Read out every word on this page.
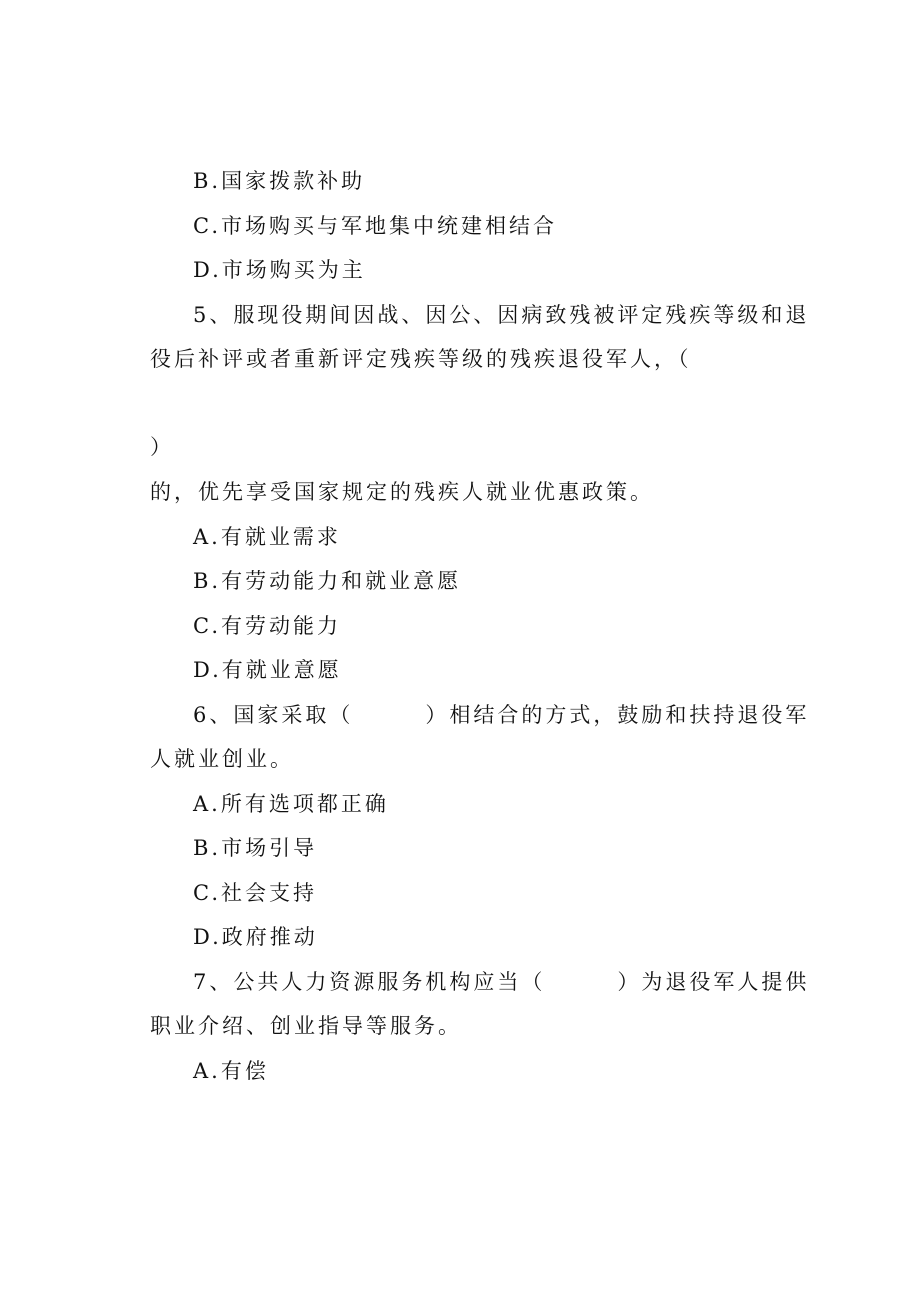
B.国家拨款补助
C.市场购买与军地集中统建相结合
D.市场购买为主
5、服现役期间因战、因公、因病致残被评定残疾等级和退
役后补评或者重新评定残疾等级的残疾退役军人，（
）
的，优先享受国家规定的残疾人就业优惠政策。
A.有就业需求
B.有劳动能力和就业意愿
C.有劳动能力
D.有就业意愿
6、国家采取（　　　）相结合的方式，鼓励和扶持退役军
人就业创业。
A.所有选项都正确
B.市场引导
C.社会支持
D.政府推动
7、公共人力资源服务机构应当（　　　）为退役军人提供
职业介绍、创业指导等服务。
A.有偿
